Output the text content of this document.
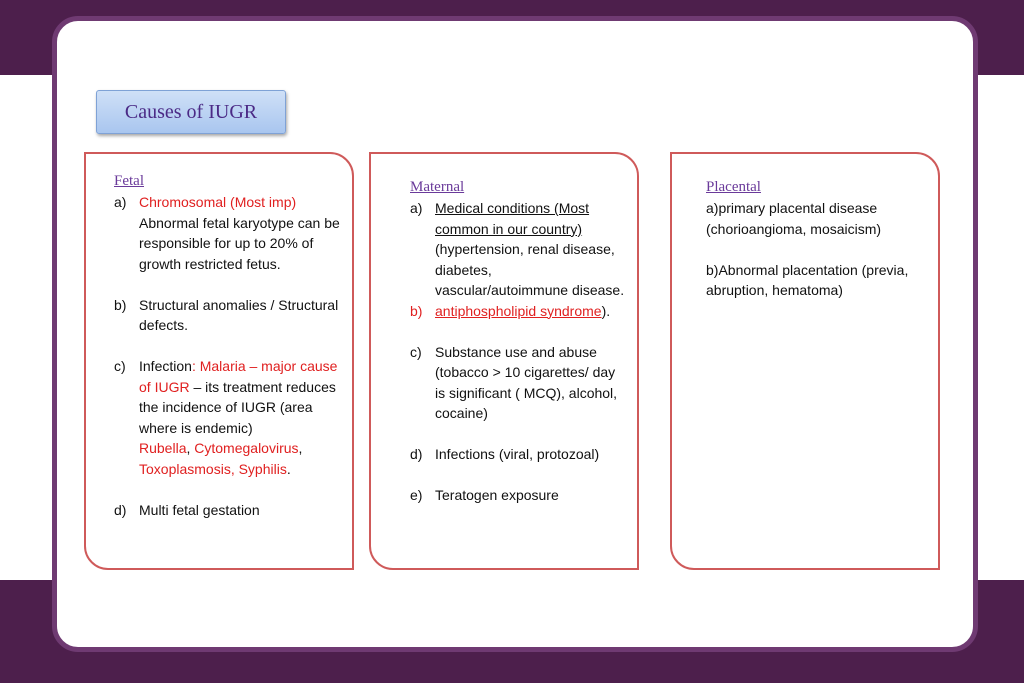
Causes of IUGR
Fetal
a) Chromosomal (Most imp)
Abnormal fetal karyotype can be responsible for up to 20% of growth restricted fetus.
b) Structural anomalies / Structural defects.
c) Infection: Malaria – major cause of IUGR – its treatment reduces the incidence of IUGR (area where is endemic)
Rubella, Cytomegalovirus, Toxoplasmosis, Syphilis.
d) Multi fetal gestation
Maternal
a) Medical conditions (Most common in our country)(hypertension, renal disease, diabetes, vascular/autoimmune disease.
b) antiphospholipid syndrome).
c) Substance use and abuse (tobacco > 10 cigarettes/ day is significant ( MCQ), alcohol, cocaine)
d) Infections (viral, protozoal)
e) Teratogen exposure
Placental
a)primary placental disease (chorioangioma, mosaicism)
b)Abnormal placentation (previa, abruption, hematoma)
